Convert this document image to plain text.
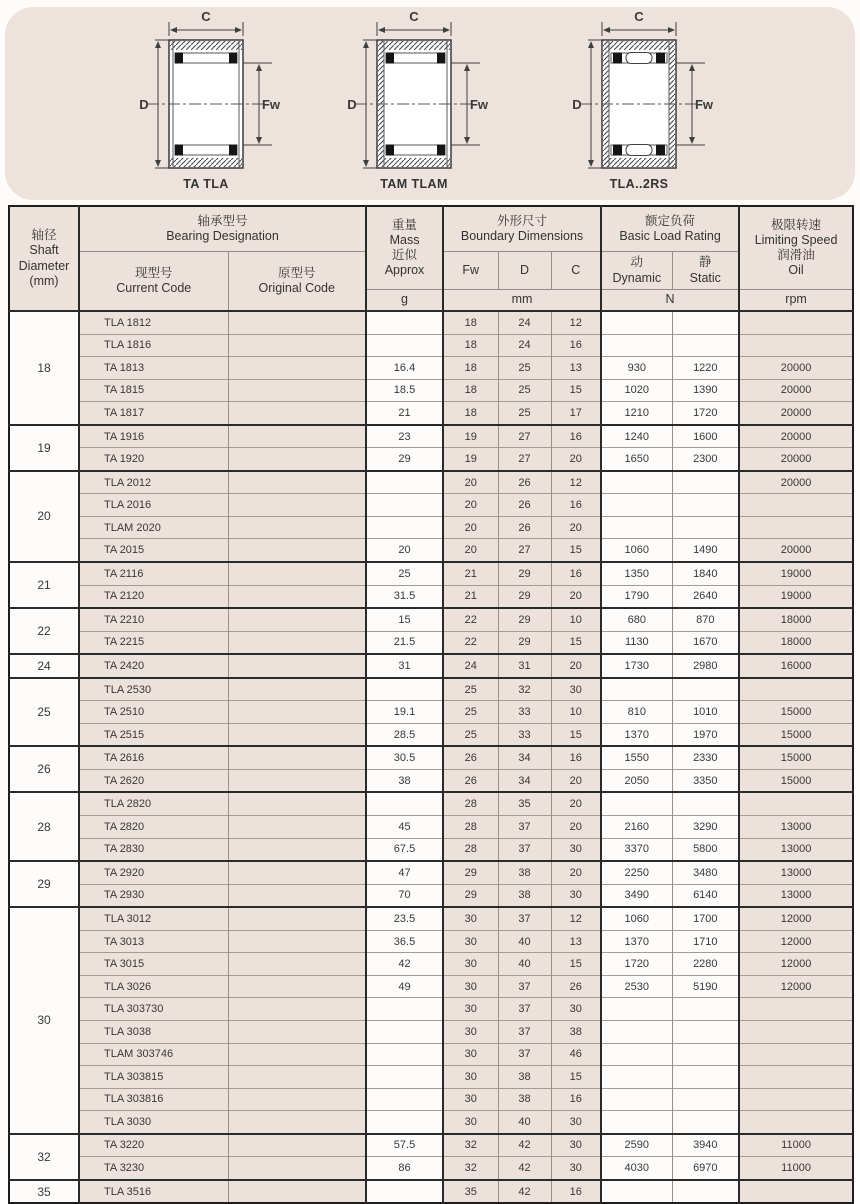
C
D	Fw
TA TLA
C
D	Fw
TAM TLAM
C
D	Fw
TLA..2RS
轴径
Shaft
Diameter
(mm)	轴承型号
Bearing Designation		重量
Mass
近似
Approx	外形尺寸
Boundary Dimensions			额定负荷
Basic Load Rating		极限转速
Limiting Speed
润滑油
Oil
	现型号
Current Code	原型号
Original Code		Fw	D	C	动
Dynamic	静
Static	
			g	mm			N		rpm
18	TLA 1812			18	24	12			
	TLA 1816			18	24	16			
	TA 1813		16.4	18	25	13	930	1220	20000
	TA 1815		18.5	18	25	15	1020	1390	20000
	TA 1817		21	18	25	17	1210	1720	20000
19	TA 1916		23	19	27	16	1240	1600	20000
	TA 1920		29	19	27	20	1650	2300	20000
20	TLA 2012			20	26	12			20000
	TLA 2016			20	26	16			
	TLAM 2020			20	26	20			
	TA 2015		20	20	27	15	1060	1490	20000
21	TA 2116		25	21	29	16	1350	1840	19000
	TA 2120		31.5	21	29	20	1790	2640	19000
22	TA 2210		15	22	29	10	680	870	18000
	TA 2215		21.5	22	29	15	1130	1670	18000
24	TA 2420		31	24	31	20	1730	2980	16000
25	TLA 2530			25	32	30			
	TA 2510		19.1	25	33	10	810	1010	15000
	TA 2515		28.5	25	33	15	1370	1970	15000
26	TA 2616		30.5	26	34	16	1550	2330	15000
	TA 2620		38	26	34	20	2050	3350	15000
28	TLA 2820			28	35	20			
	TA 2820		45	28	37	20	2160	3290	13000
	TA 2830		67.5	28	37	30	3370	5800	13000
29	TA 2920		47	29	38	20	2250	3480	13000
	TA 2930		70	29	38	30	3490	6140	13000
30	TLA 3012		23.5	30	37	12	1060	1700	12000
	TA 3013		36.5	30	40	13	1370	1710	12000
	TA 3015		42	30	40	15	1720	2280	12000
	TLA 3026		49	30	37	26	2530	5190	12000
	TLA 303730			30	37	30			
	TLA 3038			30	37	38			
	TLAM 303746			30	37	46			
	TLA 303815			30	38	15			
	TLA 303816			30	38	16			
	TLA 3030			30	40	30			
32	TA 3220		57.5	32	42	30	2590	3940	11000
	TA 3230		86	32	42	30	4030	6970	11000
35	TLA 3516			35	42	16			
